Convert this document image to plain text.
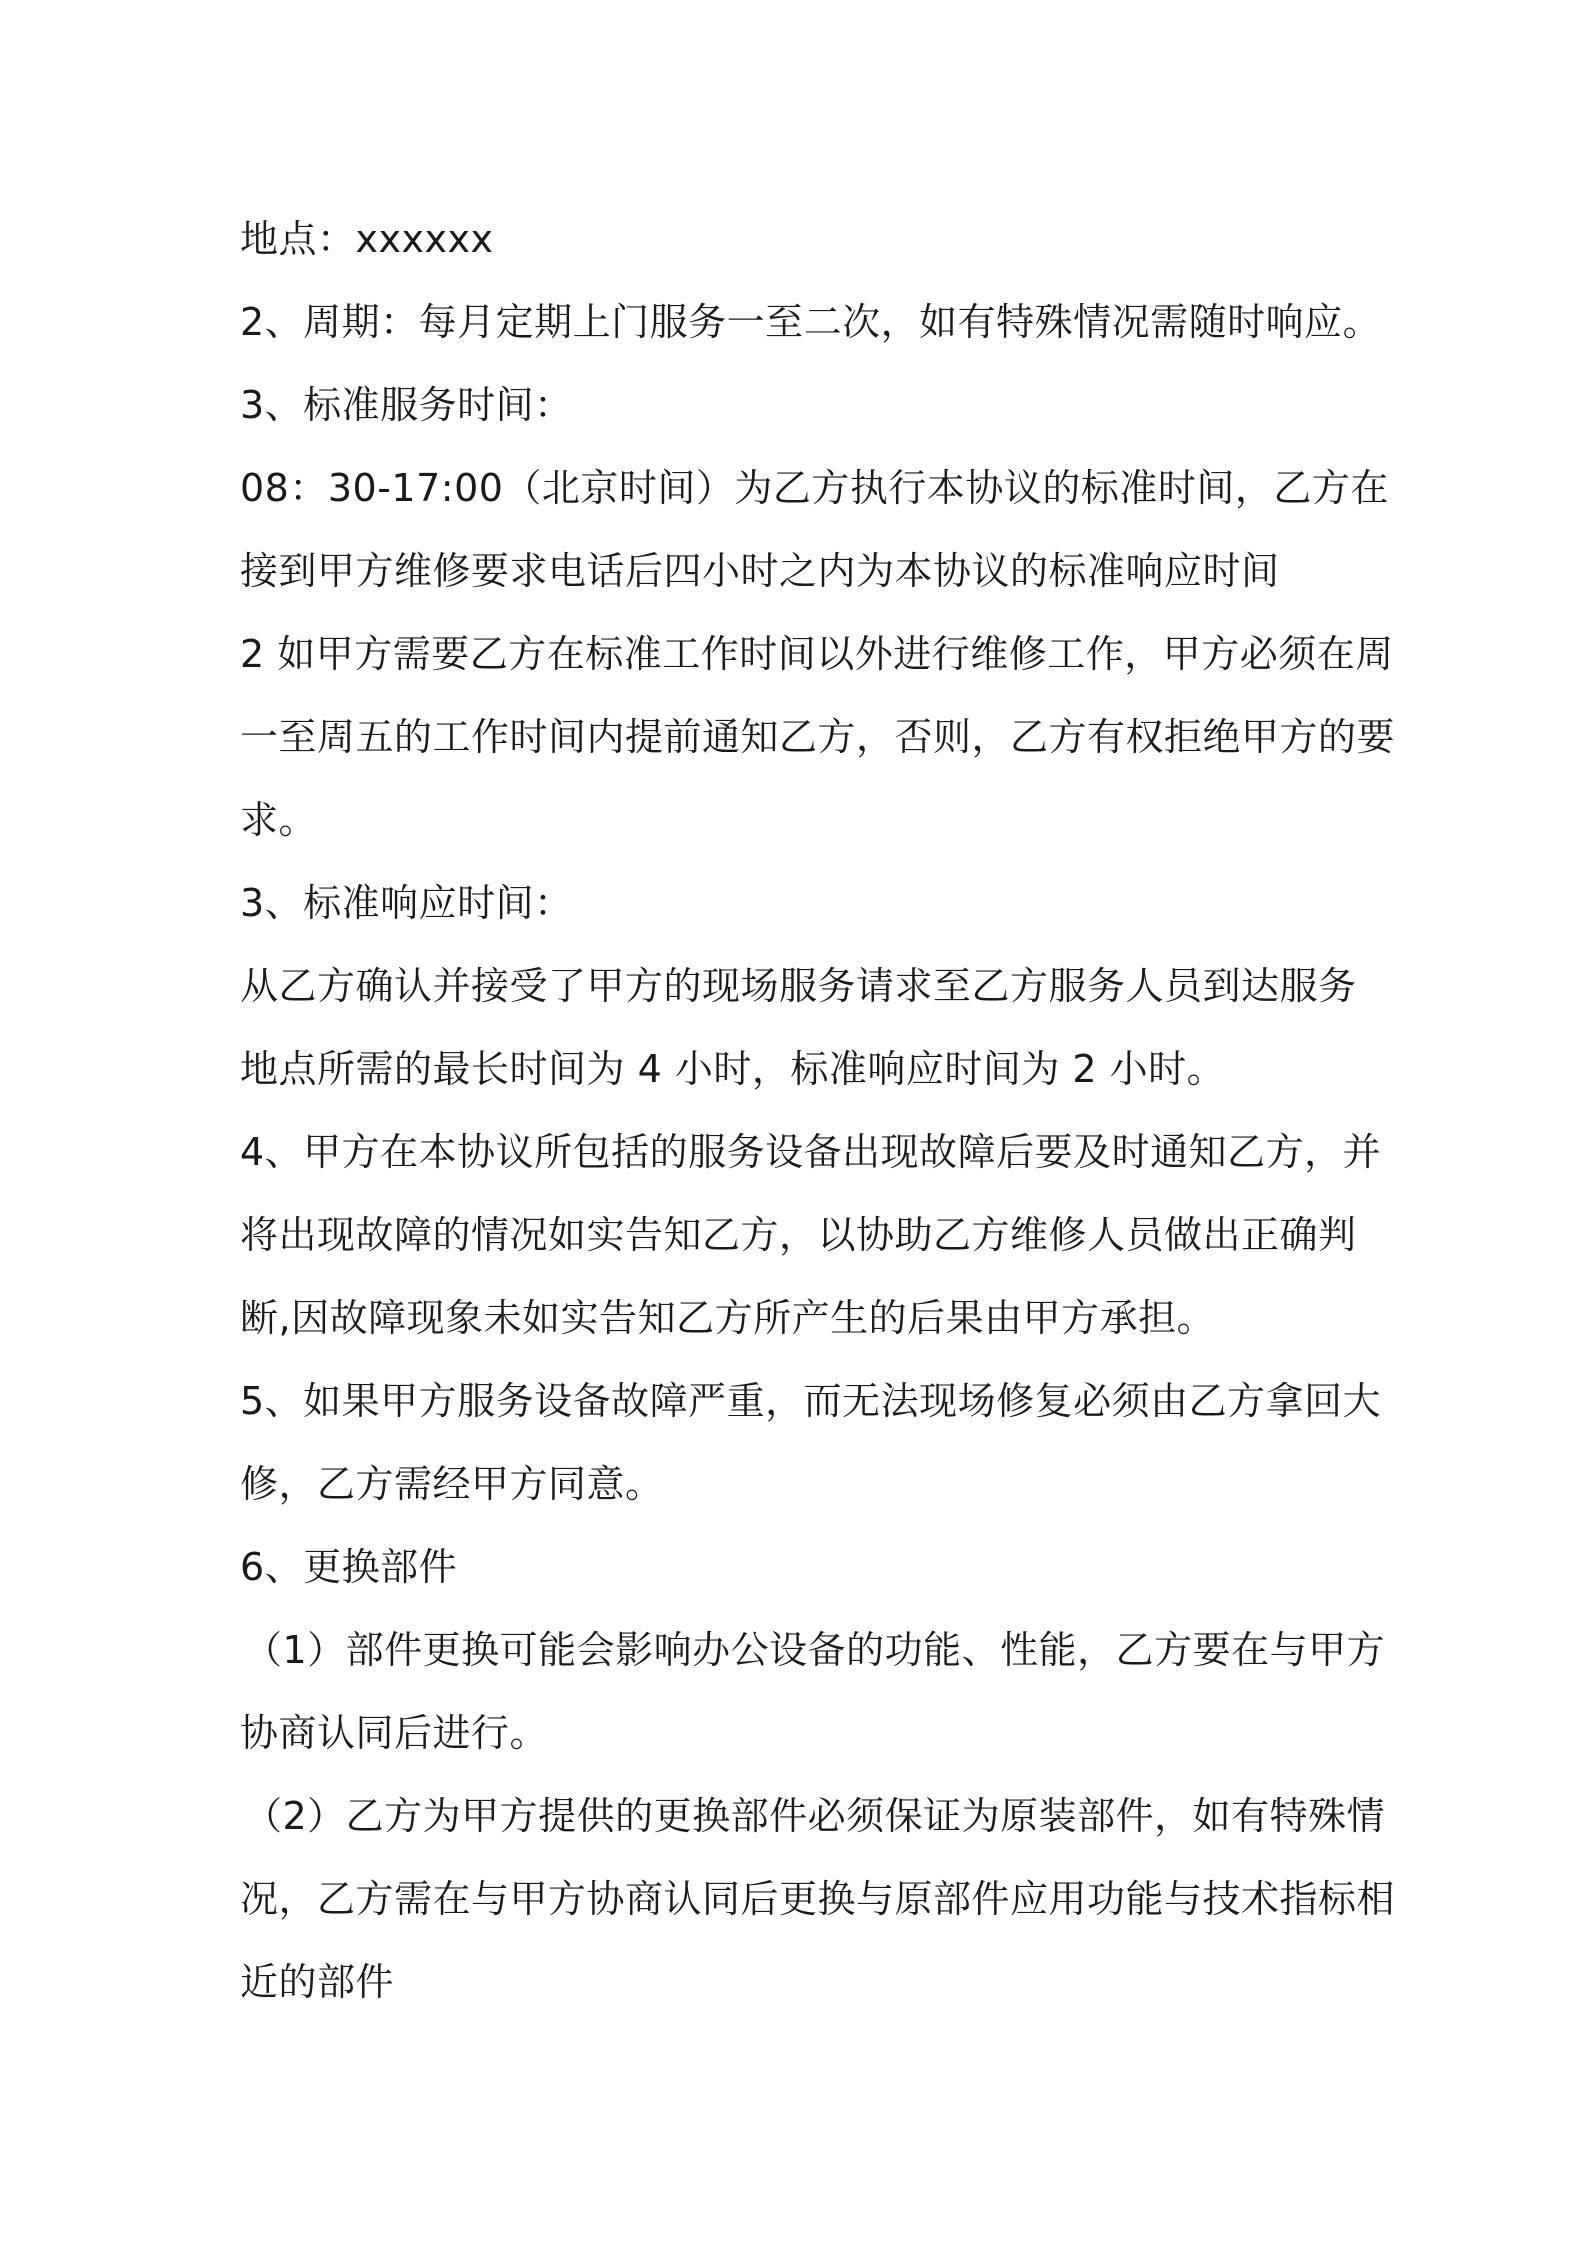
地点：xxxxxx
2、周期：每月定期上门服务一至二次，如有特殊情况需随时响应。
3、标准服务时间：
08：30-17:00（北京时间）为乙方执行本协议的标准时间，乙方在
接到甲方维修要求电话后四小时之内为本协议的标准响应时间
2 如甲方需要乙方在标准工作时间以外进行维修工作，甲方必须在周
一至周五的工作时间内提前通知乙方，否则，乙方有权拒绝甲方的要
求。
3、标准响应时间：
从乙方确认并接受了甲方的现场服务请求至乙方服务人员到达服务
地点所需的最长时间为 4 小时，标准响应时间为 2 小时。
4、甲方在本协议所包括的服务设备出现故障后要及时通知乙方，并
将出现故障的情况如实告知乙方，以协助乙方维修人员做出正确判
断,因故障现象未如实告知乙方所产生的后果由甲方承担。
5、如果甲方服务设备故障严重，而无法现场修复必须由乙方拿回大
修，乙方需经甲方同意。
6、更换部件
（1）部件更换可能会影响办公设备的功能、性能，乙方要在与甲方
协商认同后进行。
（2）乙方为甲方提供的更换部件必须保证为原装部件，如有特殊情
况，乙方需在与甲方协商认同后更换与原部件应用功能与技术指标相
近的部件
